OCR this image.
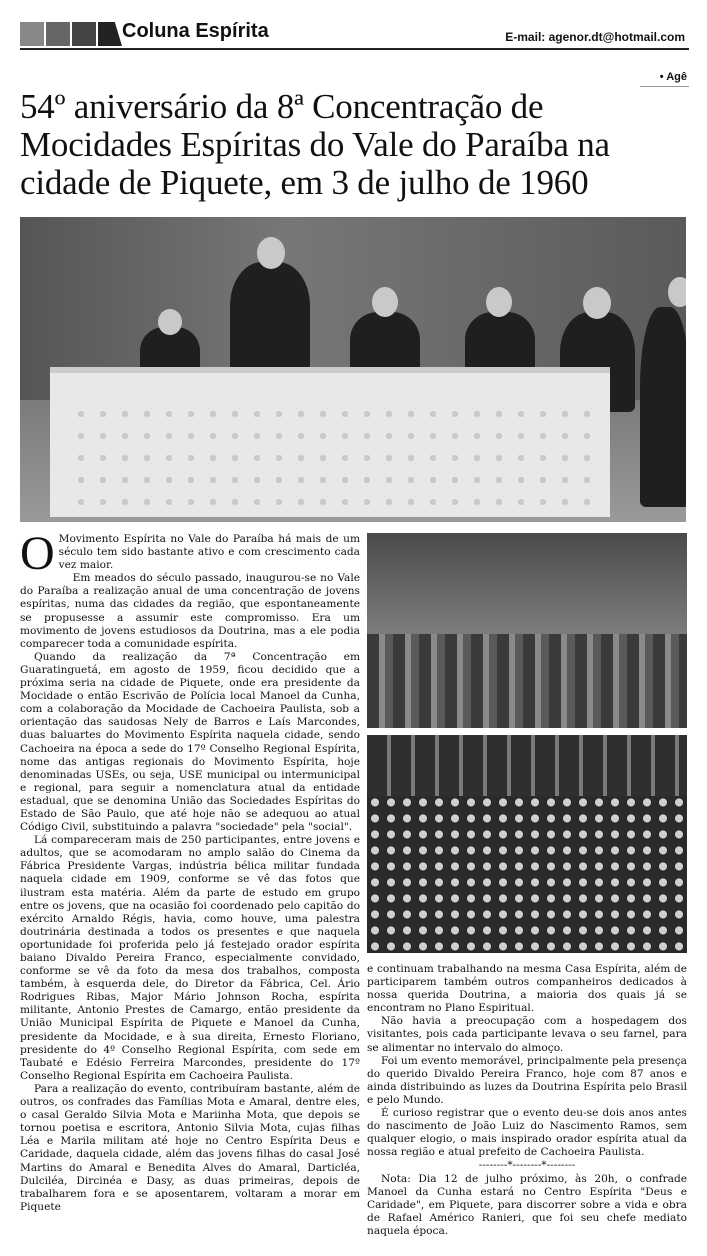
Coluna Espírita	E-mail: agenor.dt@hotmail.com
• Agê
54º aniversário da 8ª Concentração de Mocidades Espíritas do Vale do Paraíba na cidade de Piquete, em 3 de julho de 1960

O Movimento Espírita no Vale do Paraíba há mais de um século tem sido bastante ativo e com crescimento cada vez maior.

Em meados do século passado, inaugurou-se no Vale do Paraíba a realização anual de uma concentração de jovens espíritas, numa das cidades da região, que espontaneamente se propusesse a assumir este compromisso. Era um movimento de jovens estudiosos da Doutrina, mas a ele podia comparecer toda a comunidade espírita.

Quando da realização da 7ª Concentração em Guaratinguetá, em agosto de 1959, ficou decidido que a próxima seria na cidade de Piquete, onde era presidente da Mocidade o então Escrivão de Polícia local Manoel da Cunha, com a colaboração da Mocidade de Cachoeira Paulista, sob a orientação das saudosas Nely de Barros e Laís Marcondes, duas baluartes do Movimento Espírita naquela cidade, sendo Cachoeira na época a sede do 17º Conselho Regional Espírita, nome das antigas regionais do Movimento Espírita, hoje denominadas USEs, ou seja, USE municipal ou intermunicipal e regional, para seguir a nomenclatura atual da entidade estadual, que se denomina União das Sociedades Espíritas do Estado de São Paulo, que até hoje não se adequou ao atual Código Civil, substituindo a palavra "sociedade" pela "social".

Lá compareceram mais de 250 participantes, entre jovens e adultos, que se acomodaram no amplo salão do Cinema da Fábrica Presidente Vargas, indústria bélica militar fundada naquela cidade em 1909, conforme se vê das fotos que ilustram esta matéria. Além da parte de estudo em grupo entre os jovens, que na ocasião foi coordenado pelo capitão do exército Arnaldo Régis, havia, como houve, uma palestra doutrinária destinada a todos os presentes e que naquela oportunidade foi proferida pelo já festejado orador espírita baiano Divaldo Pereira Franco, especialmente convidado, conforme se vê da foto da mesa dos trabalhos, composta também, à esquerda dele, do Diretor da Fábrica, Cel. Ário Rodrigues Ribas, Major Mário Johnson Rocha, espírita militante, Antonio Prestes de Camargo, então presidente da União Municipal Espírita de Piquete e Manoel da Cunha, presidente da Mocidade, e à sua direita, Ernesto Floriano, presidente do 4º Conselho Regional Espírita, com sede em Taubaté e Edésio Ferreira Marcondes, presidente do 17º Conselho Regional Espírita em Cachoeira Paulista.

Para a realização do evento, contribuíram bastante, além de outros, os confrades das Famílias Mota e Amaral, dentre eles, o casal Geraldo Silvia Mota e Mariinha Mota, que depois se tornou poetisa e escritora, Antonio Silvia Mota, cujas filhas Léa e Marila militam até hoje no Centro Espírita Deus e Caridade, daquela cidade, além das jovens filhas do casal José Martins do Amaral e Benedita Alves do Amaral, Darticléa, Dulciléa, Dircinéa e Dasy, as duas primeiras, depois de trabalharem fora e se aposentarem, voltaram a morar em Piquete

e continuam trabalhando na mesma Casa Espírita, além de participarem também outros companheiros dedicados à nossa querida Doutrina, a maioria dos quais já se encontram no Plano Espiritual.

Não havia a preocupação com a hospedagem dos visitantes, pois cada participante levava o seu farnel, para se alimentar no intervalo do almoço.

Foi um evento memorável, principalmente pela presença do querido Divaldo Pereira Franco, hoje com 87 anos e ainda distribuindo as luzes da Doutrina Espírita pelo Brasil e pelo Mundo.

É curioso registrar que o evento deu-se dois anos antes do nascimento de João Luiz do Nascimento Ramos, sem qualquer elogio, o mais inspirado orador espírita atual da nossa região e atual prefeito de Cachoeira Paulista.

--------*--------*--------

Nota: Dia 12 de julho próximo, às 20h, o confrade Manoel da Cunha estará no Centro Espírita "Deus e Caridade", em Piquete, para discorrer sobre a vida e obra de Rafael Américo Ranieri, que foi seu chefe mediato naquela época.
